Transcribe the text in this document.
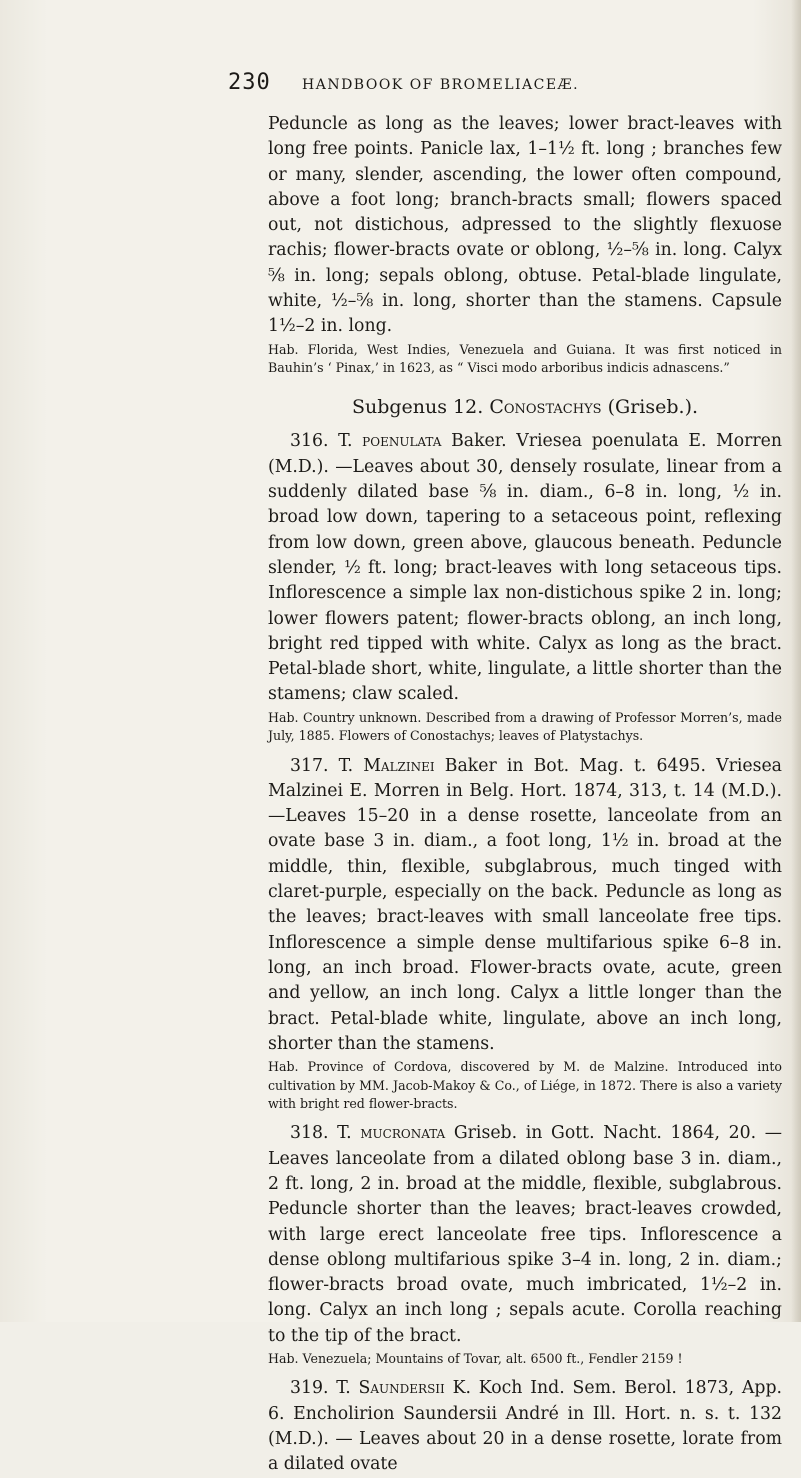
230 HANDBOOK OF BROMELIACEÆ.

Peduncle as long as the leaves; lower bract-leaves with long free points. Panicle lax, 1–1½ ft. long ; branches few or many, slender, ascending, the lower often compound, above a foot long; branch-bracts small; flowers spaced out, not distichous, adpressed to the slightly flexuose rachis; flower-bracts ovate or oblong, ½–⅝ in. long. Calyx ⅝ in. long; sepals oblong, obtuse. Petal-blade lingulate, white, ½–⅝ in. long, shorter than the stamens. Capsule 1½–2 in. long.

Hab. Florida, West Indies, Venezuela and Guiana. It was first noticed in Bauhin’s ‘ Pinax,’ in 1623, as “ Visci modo arboribus indicis adnascens.”

Subgenus 12. Conostachys (Griseb.).

316. T. poenulata Baker. Vriesea poenulata E. Morren (M.D.). —Leaves about 30, densely rosulate, linear from a suddenly dilated base ⅝ in. diam., 6–8 in. long, ½ in. broad low down, tapering to a setaceous point, reflexing from low down, green above, glaucous beneath. Peduncle slender, ½ ft. long; bract-leaves with long setaceous tips. Inflorescence a simple lax non-distichous spike 2 in. long; lower flowers patent; flower-bracts oblong, an inch long, bright red tipped with white. Calyx as long as the bract. Petal-blade short, white, lingulate, a little shorter than the stamens; claw scaled.

Hab. Country unknown. Described from a drawing of Professor Morren’s, made July, 1885. Flowers of Conostachys; leaves of Platystachys.

317. T. Malzinei Baker in Bot. Mag. t. 6495. Vriesea Malzinei E. Morren in Belg. Hort. 1874, 313, t. 14 (M.D.).—Leaves 15–20 in a dense rosette, lanceolate from an ovate base 3 in. diam., a foot long, 1½ in. broad at the middle, thin, flexible, subglabrous, much tinged with claret-purple, especially on the back. Peduncle as long as the leaves; bract-leaves with small lanceolate free tips. Inflorescence a simple dense multifarious spike 6–8 in. long, an inch broad. Flower-bracts ovate, acute, green and yellow, an inch long. Calyx a little longer than the bract. Petal-blade white, lingulate, above an inch long, shorter than the stamens.

Hab. Province of Cordova, discovered by M. de Malzine. Introduced into cultivation by MM. Jacob-Makoy & Co., of Liége, in 1872. There is also a variety with bright red flower-bracts.

318. T. mucronata Griseb. in Gott. Nacht. 1864, 20. — Leaves lanceolate from a dilated oblong base 3 in. diam., 2 ft. long, 2 in. broad at the middle, flexible, subglabrous. Peduncle shorter than the leaves; bract-leaves crowded, with large erect lanceolate free tips. Inflorescence a dense oblong multifarious spike 3–4 in. long, 2 in. diam.; flower-bracts broad ovate, much imbricated, 1½–2 in. long. Calyx an inch long ; sepals acute. Corolla reaching to the tip of the bract.

Hab. Venezuela; Mountains of Tovar, alt. 6500 ft., Fendler 2159 !

319. T. Saundersii K. Koch Ind. Sem. Berol. 1873, App. 6. Encholirion Saundersii André in Ill. Hort. n. s. t. 132 (M.D.). — Leaves about 20 in a dense rosette, lorate from a dilated ovate
